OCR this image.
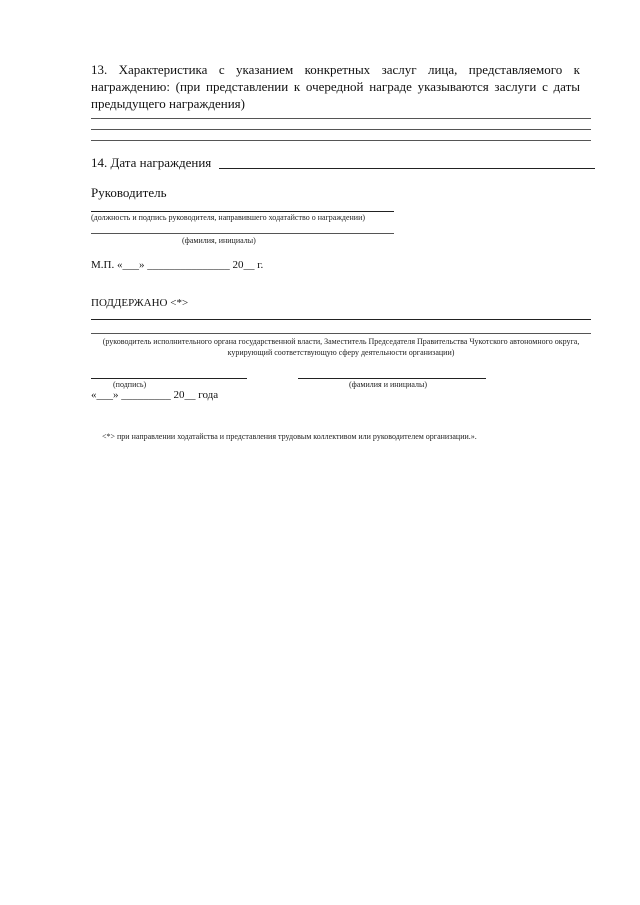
13. Характеристика с указанием конкретных заслуг лица, представляемого к
награждению: (при представлении к очередной награде указываются заслуги с даты
предыдущего награждения)
14. Дата награждения
Руководитель
(должность и подпись руководителя, направившего ходатайство о награждении)
(фамилия, инициалы)
М.П. «___» _______________ 20__ г.
ПОДДЕРЖАНО <*>
(руководитель исполнительного органа государственной власти, Заместитель Председателя Правительства Чукотского автономного округа, курирующий соответствующую сферу деятельности организации)
(подпись)	(фамилия и инициалы)
«___» _________ 20__ года
<*> при направлении ходатайства и представления трудовым коллективом или руководителем организации.».
